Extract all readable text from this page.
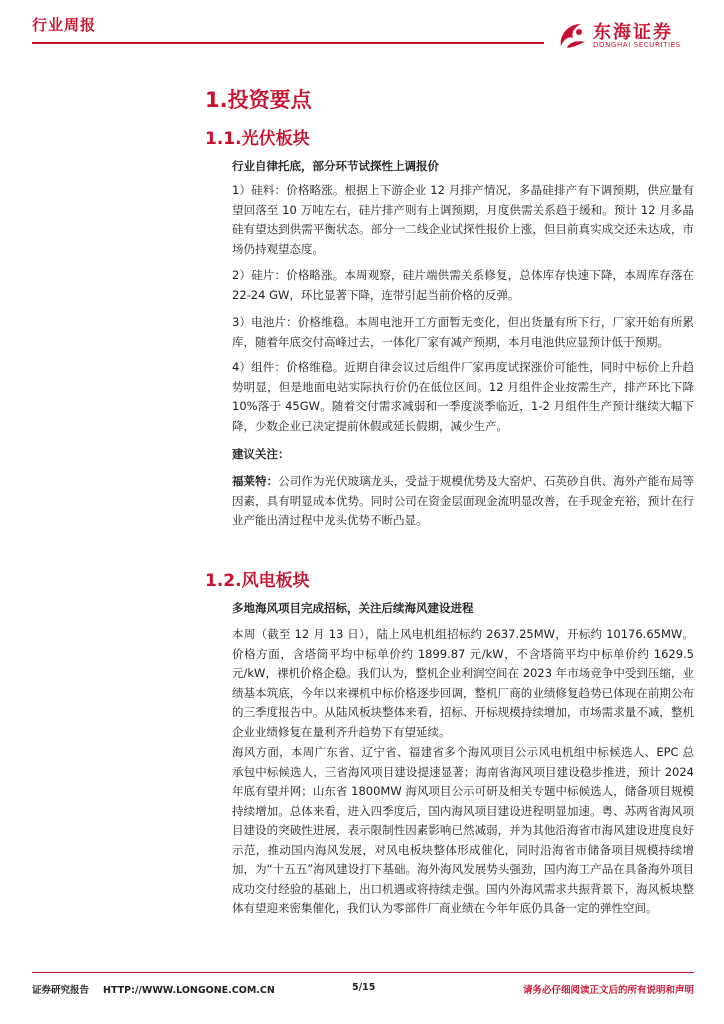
行业周报	东海证券
DONGHAI SECURITIES
1.投资要点
1.1.光伏板块
行业自律托底，部分环节试探性上调报价
1）硅料：价格略涨。根据上下游企业 12 月排产情况，多晶硅排产有下调预期，供应量有望回落至 10 万吨左右，硅片排产则有上调预期，月度供需关系趋于缓和。预计 12 月多晶硅有望达到供需平衡状态。部分一二线企业试探性报价上涨，但目前真实成交还未达成，市场仍持观望态度。
2）硅片：价格略涨。本周观察，硅片端供需关系修复，总体库存快速下降，本周库存落在 22-24 GW，环比显著下降，连带引起当前价格的反弹。
3）电池片：价格维稳。本周电池开工方面暂无变化，但出货量有所下行，厂家开始有所累库，随着年底交付高峰过去，一体化厂家有减产预期，本月电池供应显预计低于预期。
4）组件：价格维稳。近期自律会议过后组件厂家再度试探涨价可能性，同时中标价上升趋势明显，但是地面电站实际执行价仍在低位区间。12 月组件企业按需生产，排产环比下降 10%落于 45GW。随着交付需求减弱和一季度淡季临近，1-2 月组件生产预计继续大幅下降，少数企业已决定提前休假或延长假期，减少生产。
建议关注：
福莱特：公司作为光伏玻璃龙头，受益于规模优势及大窑炉、石英砂自供、海外产能布局等因素，具有明显成本优势。同时公司在资金层面现金流明显改善，在手现金充裕，预计在行业产能出清过程中龙头优势不断凸显。
1.2.风电板块
多地海风项目完成招标，关注后续海风建设进程
本周（截至 12 月 13 日），陆上风电机组招标约 2637.25MW，开标约 10176.65MW。价格方面，含塔筒平均中标单价约 1899.87 元/kW，不含塔筒平均中标单价约 1629.5 元/kW，裸机价格企稳。我们认为，整机企业利润空间在 2023 年市场竞争中受到压缩，业绩基本筑底，今年以来裸机中标价格逐步回调，整机厂商的业绩修复趋势已体现在前期公布的三季度报告中。从陆风板块整体来看，招标、开标规模持续增加，市场需求量不减，整机企业业绩修复在量利齐升趋势下有望延续。
海风方面，本周广东省、辽宁省、福建省多个海风项目公示风电机组中标候选人、EPC 总承包中标候选人，三省海风项目建设提速显著；海南省海风项目建设稳步推进，预计 2024 年底有望并网；山东省 1800MW 海风项目公示可研及相关专题中标候选人，储备项目规模持续增加。总体来看，进入四季度后，国内海风项目建设进程明显加速。粤、苏两省海风项目建设的突破性进展，表示限制性因素影响已然减弱，并为其他沿海省市海风建设进度良好示范，推动国内海风发展，对风电板块整体形成催化，同时沿海省市储备项目规模持续增加，为“十五五”海风建设打下基础。海外海风发展势头强劲，国内海工产品在具备海外项目成功交付经验的基础上，出口机遇或将持续走强。国内外海风需求共振背景下，海风板块整体有望迎来密集催化，我们认为零部件厂商业绩在今年年底仍具备一定的弹性空间。
证券研究报告 HTTP://WWW.LONGONE.COM.CN	5/15	请务必仔细阅读正文后的所有说明和声明
